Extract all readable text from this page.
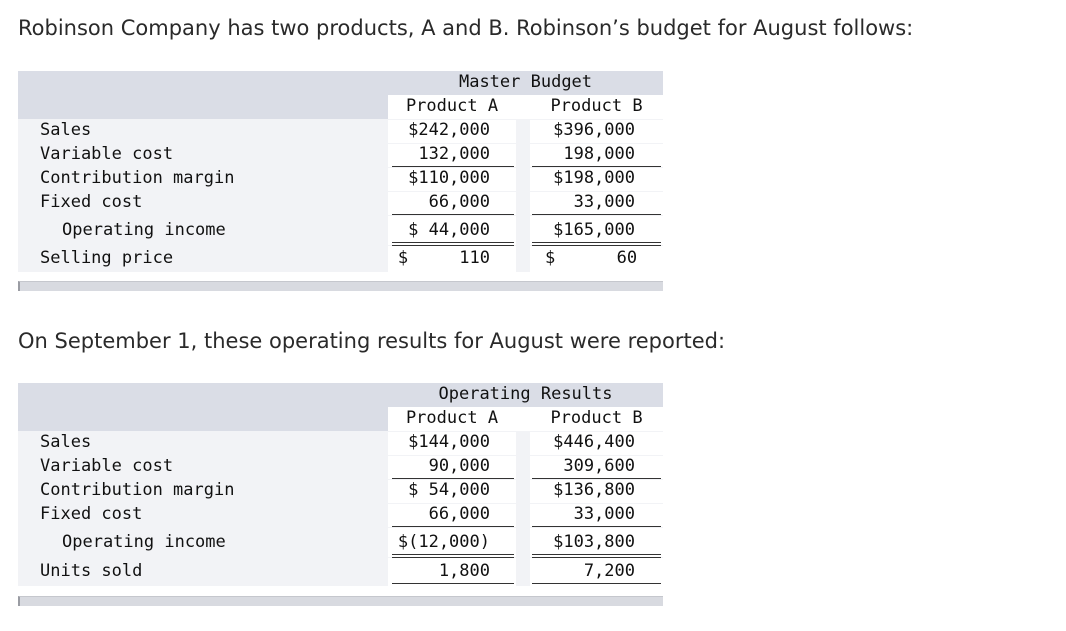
Robinson Company has two products, A and B. Robinson’s budget for August follows:
Master Budget
Product A	Product B
Sales	$242,000	$396,000
Variable cost	132,000	198,000
Contribution margin	$110,000	$198,000
Fixed cost	66,000	33,000
Operating income	$ 44,000	$165,000
Selling price	$     110	$      60
On September 1, these operating results for August were reported:
Operating Results
Product A	Product B
Sales	$144,000	$446,400
Variable cost	90,000	309,600
Contribution margin	$ 54,000	$136,800
Fixed cost	66,000	33,000
Operating income	$(12,000)	$103,800
Units sold	1,800	7,200
